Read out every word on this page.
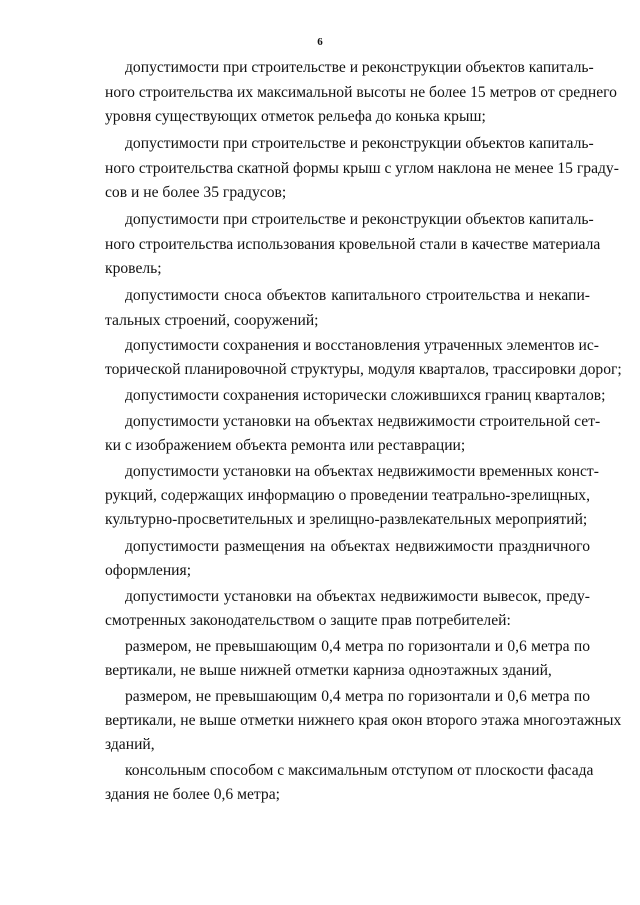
6
допустимости при строительстве и реконструкции объектов капиталь-
ного строительства их максимальной высоты не более 15 метров от среднего
уровня существующих отметок рельефа до конька крыш;
допустимости при строительстве и реконструкции объектов капиталь-
ного строительства скатной формы крыш с углом наклона не менее 15 граду-
сов и не более 35 градусов;
допустимости при строительстве и реконструкции объектов капиталь-
ного строительства использования кровельной стали в качестве материала
кровель;
допустимости сноса объектов капитального строительства и некапи-
тальных строений, сооружений;
допустимости сохранения и восстановления утраченных элементов ис-
торической планировочной структуры, модуля кварталов, трассировки дорог;
допустимости сохранения исторически сложившихся границ кварталов;
допустимости установки на объектах недвижимости строительной сет-
ки с изображением объекта ремонта или реставрации;
допустимости установки на объектах недвижимости временных конст-
рукций, содержащих информацию о проведении театрально-зрелищных,
культурно-просветительных и зрелищно-развлекательных мероприятий;
допустимости размещения на объектах недвижимости праздничного
оформления;
допустимости установки на объектах недвижимости вывесок, преду-
смотренных законодательством о защите прав потребителей:
размером, не превышающим 0,4 метра по горизонтали и 0,6 метра по
вертикали, не выше нижней отметки карниза одноэтажных зданий,
размером, не превышающим 0,4 метра по горизонтали и 0,6 метра по
вертикали, не выше отметки нижнего края окон второго этажа многоэтажных
зданий,
консольным способом с максимальным отступом от плоскости фасада
здания не более 0,6 метра;
